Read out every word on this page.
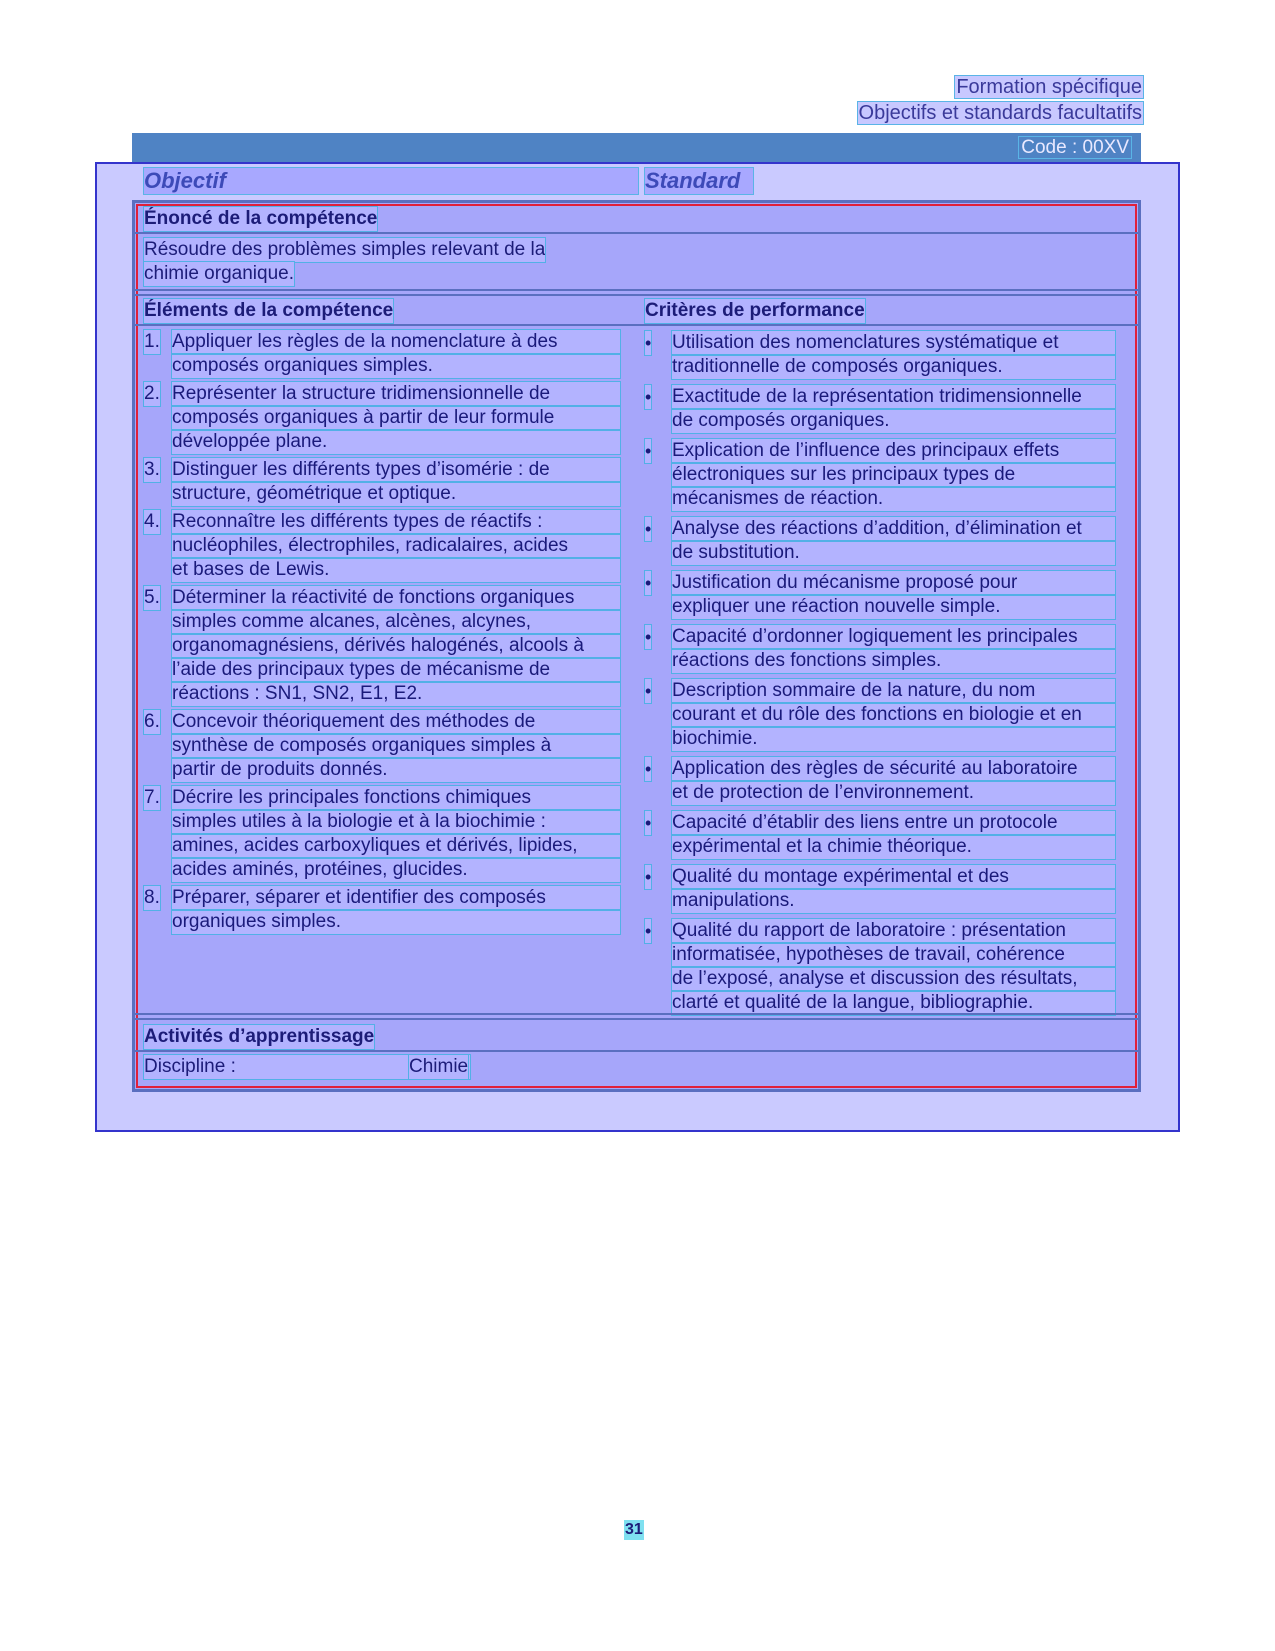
Formation spécifique
Objectifs et standards facultatifs
Code : 00XV
Objectif	Standard
Énoncé de la compétence
Résoudre des problèmes simples relevant de la
chimie organique.
Éléments de la compétence	Critères de performance
1. Appliquer les règles de la nomenclature à des
composés organiques simples.
2. Représenter la structure tridimensionnelle de
composés organiques à partir de leur formule
développée plane.
3. Distinguer les différents types d’isomérie : de
structure, géométrique et optique.
4. Reconnaître les différents types de réactifs :
nucléophiles, électrophiles, radicalaires, acides
et bases de Lewis.
5. Déterminer la réactivité de fonctions organiques
simples comme alcanes, alcènes, alcynes,
organomagnésiens, dérivés halogénés, alcools à
l’aide des principaux types de mécanisme de
réactions : SN1, SN2, E1, E2.
6. Concevoir théoriquement des méthodes de
synthèse de composés organiques simples à
partir de produits donnés.
7. Décrire les principales fonctions chimiques
simples utiles à la biologie et à la biochimie :
amines, acides carboxyliques et dérivés, lipides,
acides aminés, protéines, glucides.
8. Préparer, séparer et identifier des composés
organiques simples.
• Utilisation des nomenclatures systématique et
traditionnelle de composés organiques.
• Exactitude de la représentation tridimensionnelle
de composés organiques.
• Explication de l’influence des principaux effets
électroniques sur les principaux types de
mécanismes de réaction.
• Analyse des réactions d’addition, d’élimination et
de substitution.
• Justification du mécanisme proposé pour
expliquer une réaction nouvelle simple.
• Capacité d’ordonner logiquement les principales
réactions des fonctions simples.
• Description sommaire de la nature, du nom
courant et du rôle des fonctions en biologie et en
biochimie.
• Application des règles de sécurité au laboratoire
et de protection de l’environnement.
• Capacité d’établir des liens entre un protocole
expérimental et la chimie théorique.
• Qualité du montage expérimental et des
manipulations.
• Qualité du rapport de laboratoire : présentation
informatisée, hypothèses de travail, cohérence
de l’exposé, analyse et discussion des résultats,
clarté et qualité de la langue, bibliographie.
Activités d’apprentissage
Discipline :	Chimie
31
